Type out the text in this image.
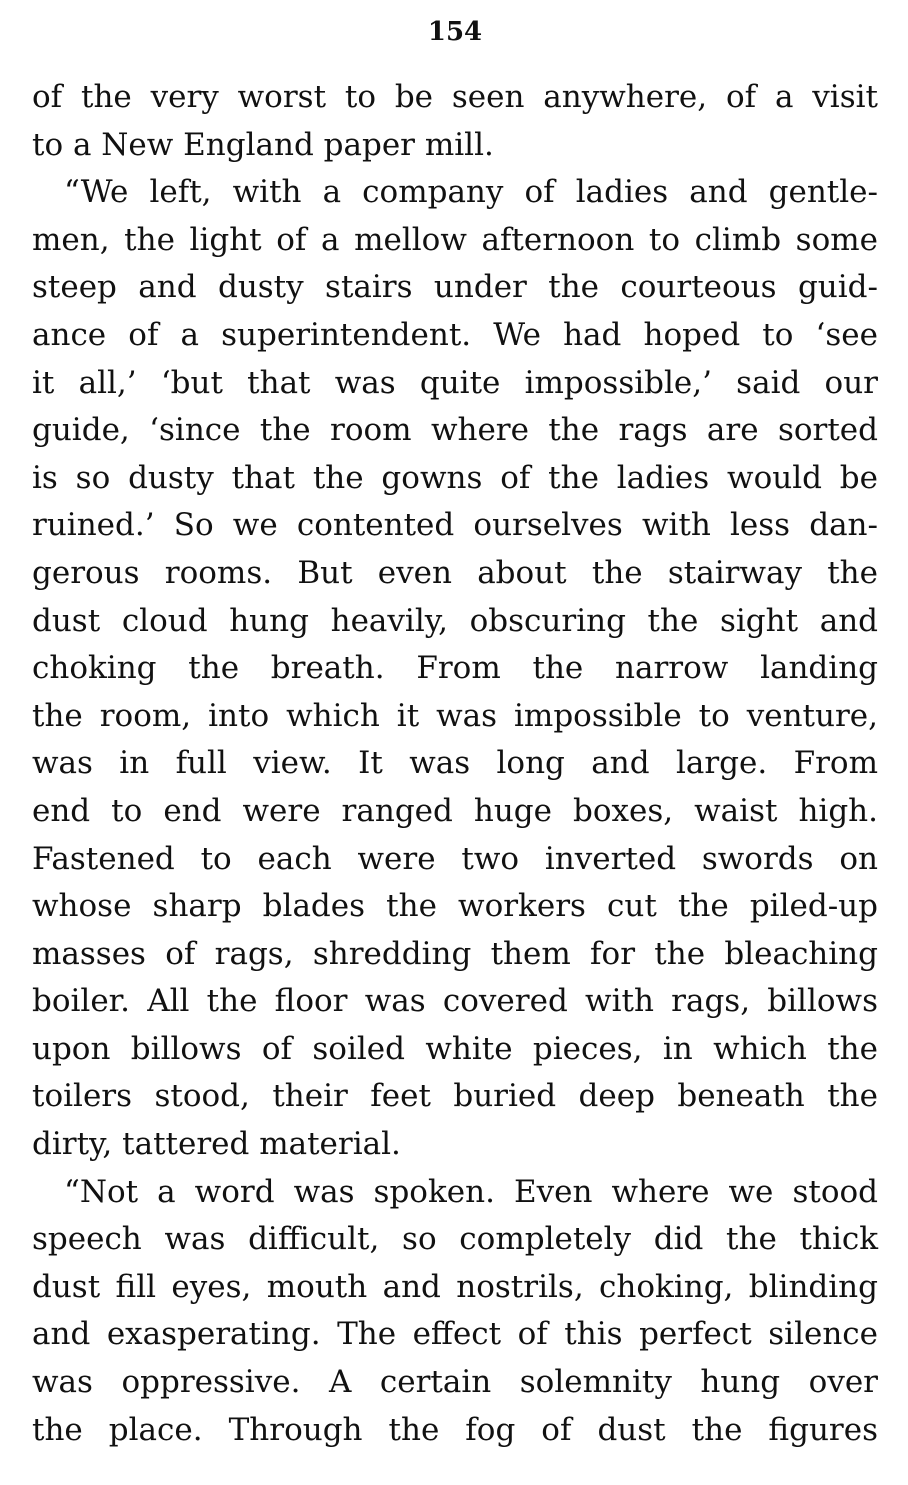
154

of the very worst to be seen anywhere, of a visit
to a New England paper mill.

“We left, with a company of ladies and gentle-
men, the light of a mellow afternoon to climb some
steep and dusty stairs under the courteous guid-
ance of a superintendent. We had hoped to ‘see
it all,’ ‘but that was quite impossible,’ said our
guide, ‘since the room where the rags are sorted
is so dusty that the gowns of the ladies would be
ruined.’ So we contented ourselves with less dan-
gerous rooms. But even about the stairway the
dust cloud hung heavily, obscuring the sight and
choking the breath. From the narrow landing
the room, into which it was impossible to venture,
was in full view. It was long and large. From
end to end were ranged huge boxes, waist high.
Fastened to each were two inverted swords on
whose sharp blades the workers cut the piled-up
masses of rags, shredding them for the bleaching
boiler. All the floor was covered with rags, billows
upon billows of soiled white pieces, in which the
toilers stood, their feet buried deep beneath the
dirty, tattered material.

“Not a word was spoken. Even where we stood
speech was difficult, so completely did the thick
dust fill eyes, mouth and nostrils, choking, blinding
and exasperating. The effect of this perfect silence
was oppressive. A certain solemnity hung over
the place. Through the fog of dust the figures
